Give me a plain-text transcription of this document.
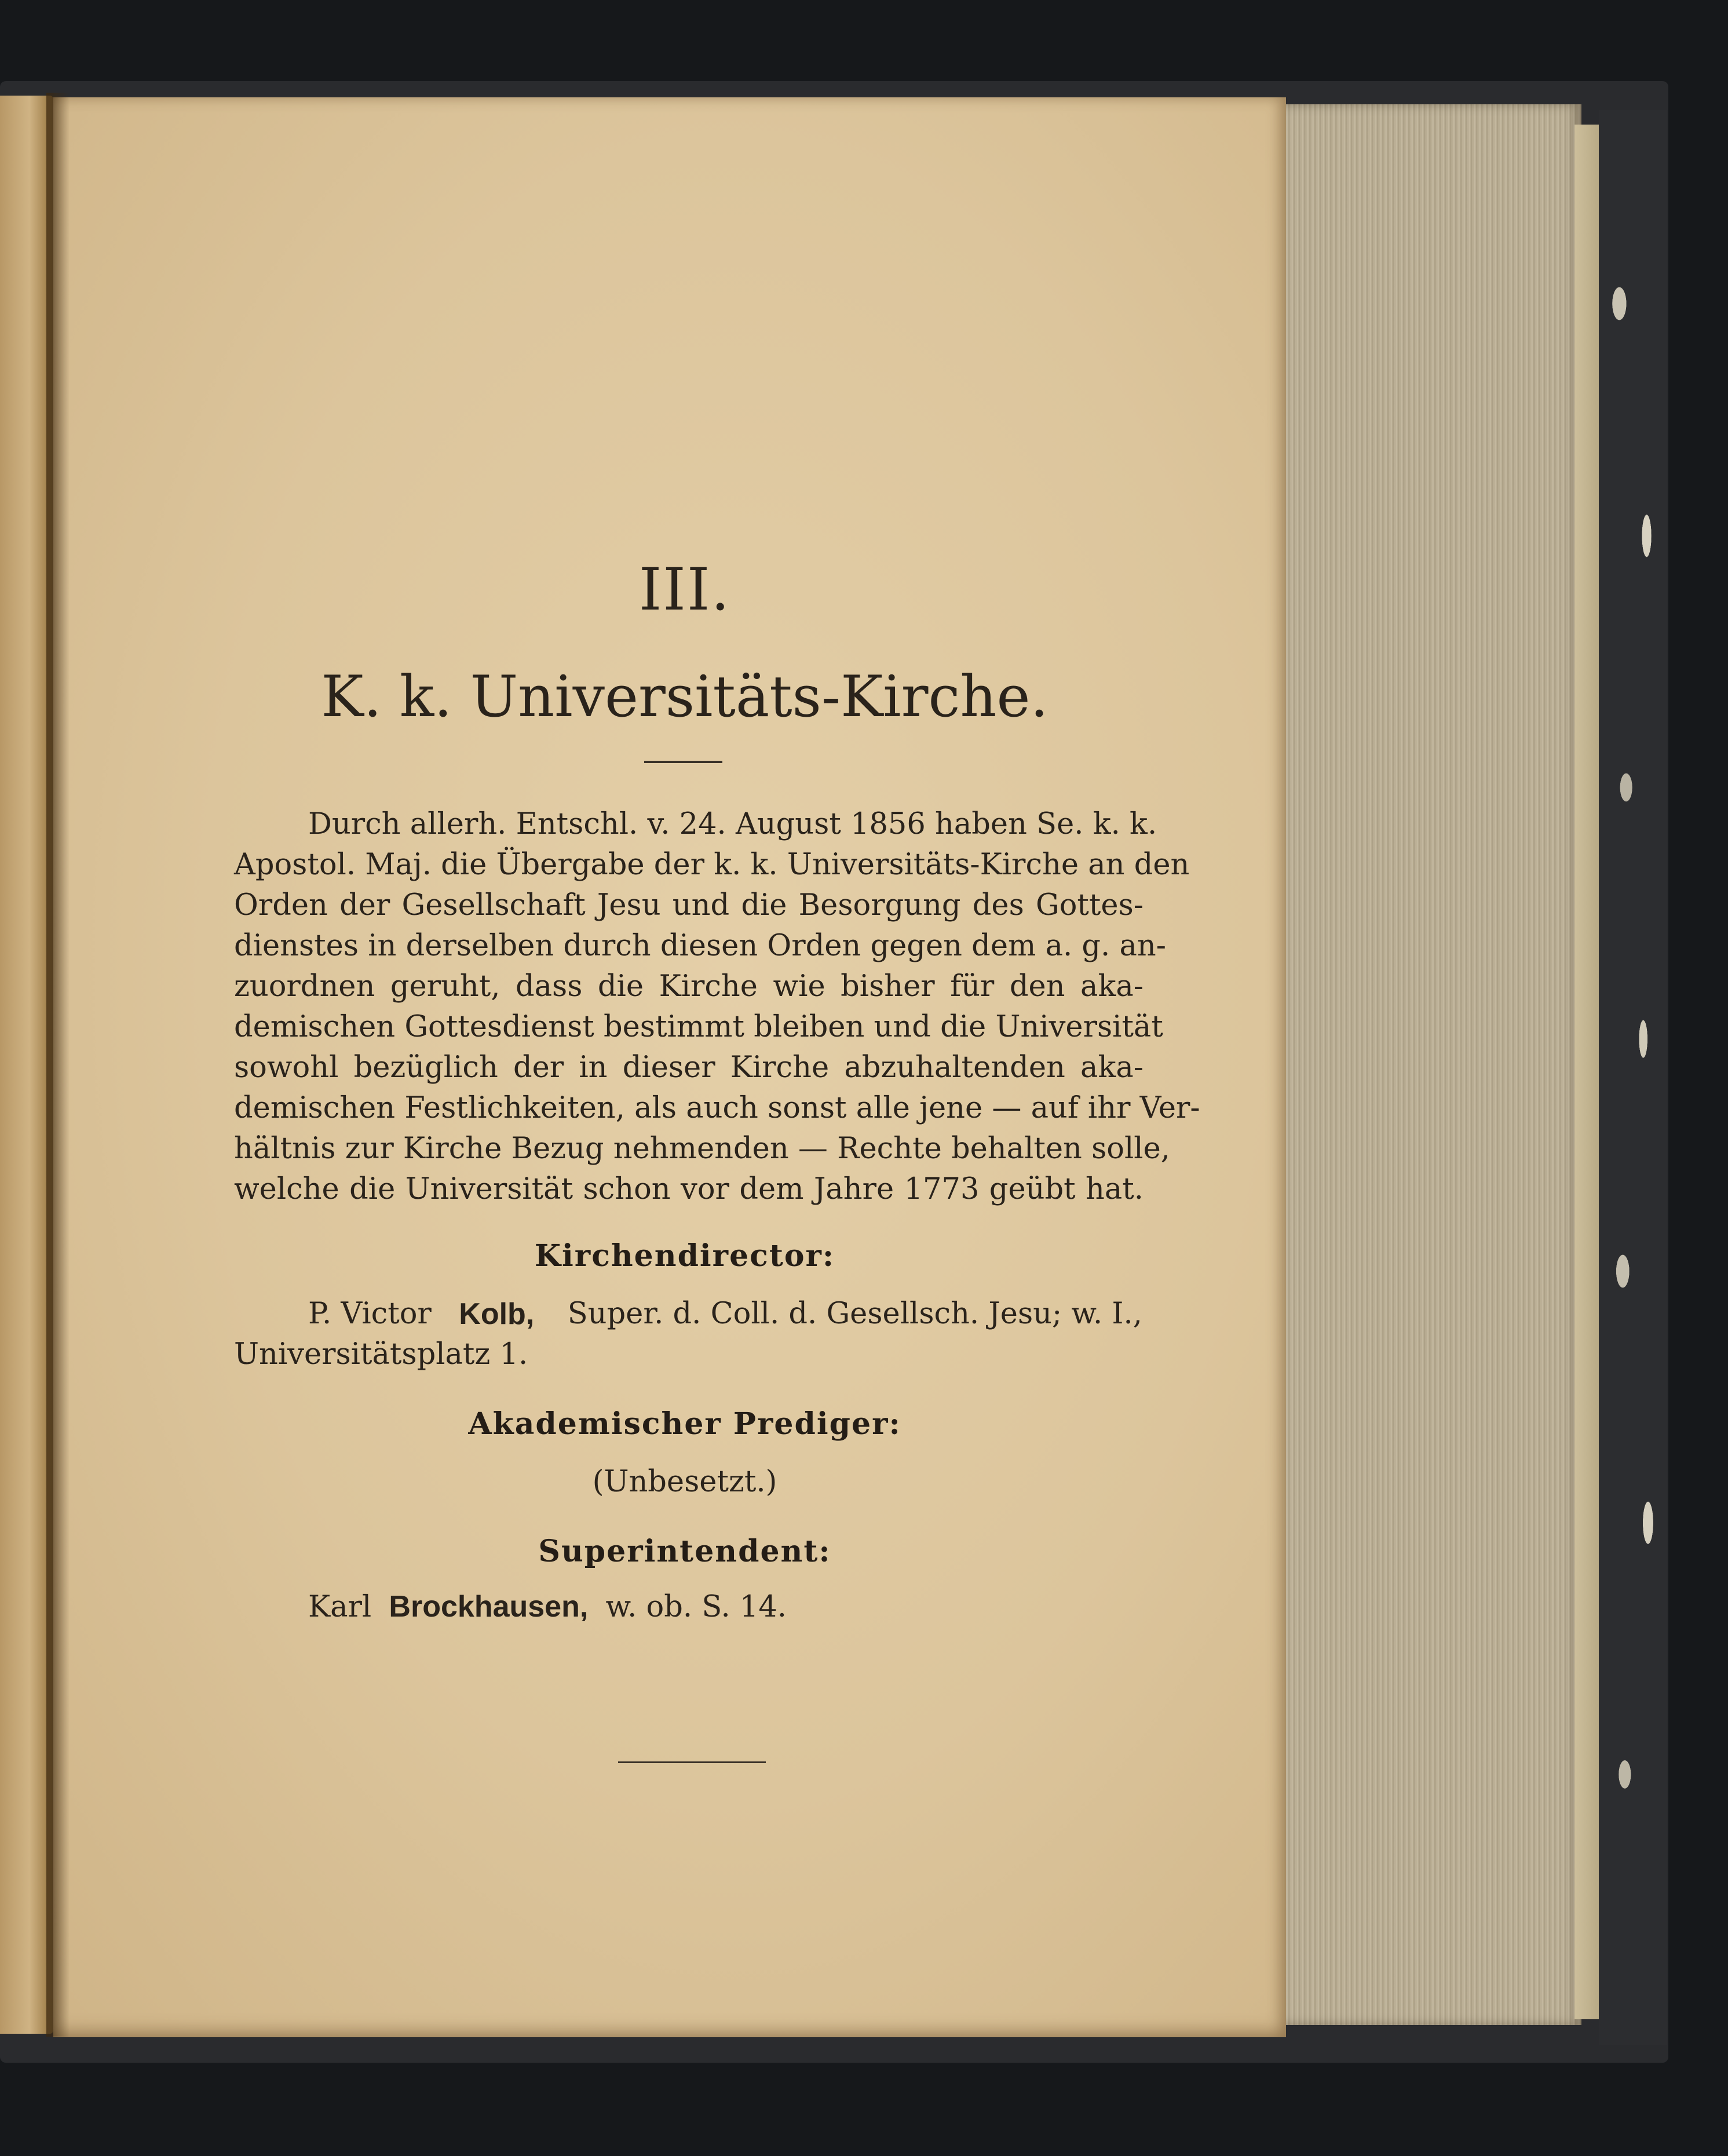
III.
K. k. Universitäts-Kirche.
Durch allerh. Entschl. v. 24. August 1856 haben Se. k. k.
Apostol. Maj. die Übergabe der k. k. Universitäts-Kirche an den
Orden der Gesellschaft Jesu und die Besorgung des Gottes-
dienstes in derselben durch diesen Orden gegen dem a. g. an-
zuordnen geruht, dass die Kirche wie bisher für den aka-
demischen Gottesdienst bestimmt bleiben und die Universität
sowohl bezüglich der in dieser Kirche abzuhaltenden aka-
demischen Festlichkeiten, als auch sonst alle jene — auf ihr Ver-
hältnis zur Kirche Bezug nehmenden — Rechte behalten solle,
welche die Universität schon vor dem Jahre 1773 geübt hat.
Kirchendirector:
P. Victor Kolb, Super. d. Coll. d. Gesellsch. Jesu; w. I.,
Universitätsplatz 1.
Akademischer Prediger:
(Unbesetzt.)
Superintendent:
Karl Brockhausen, w. ob. S. 14.
